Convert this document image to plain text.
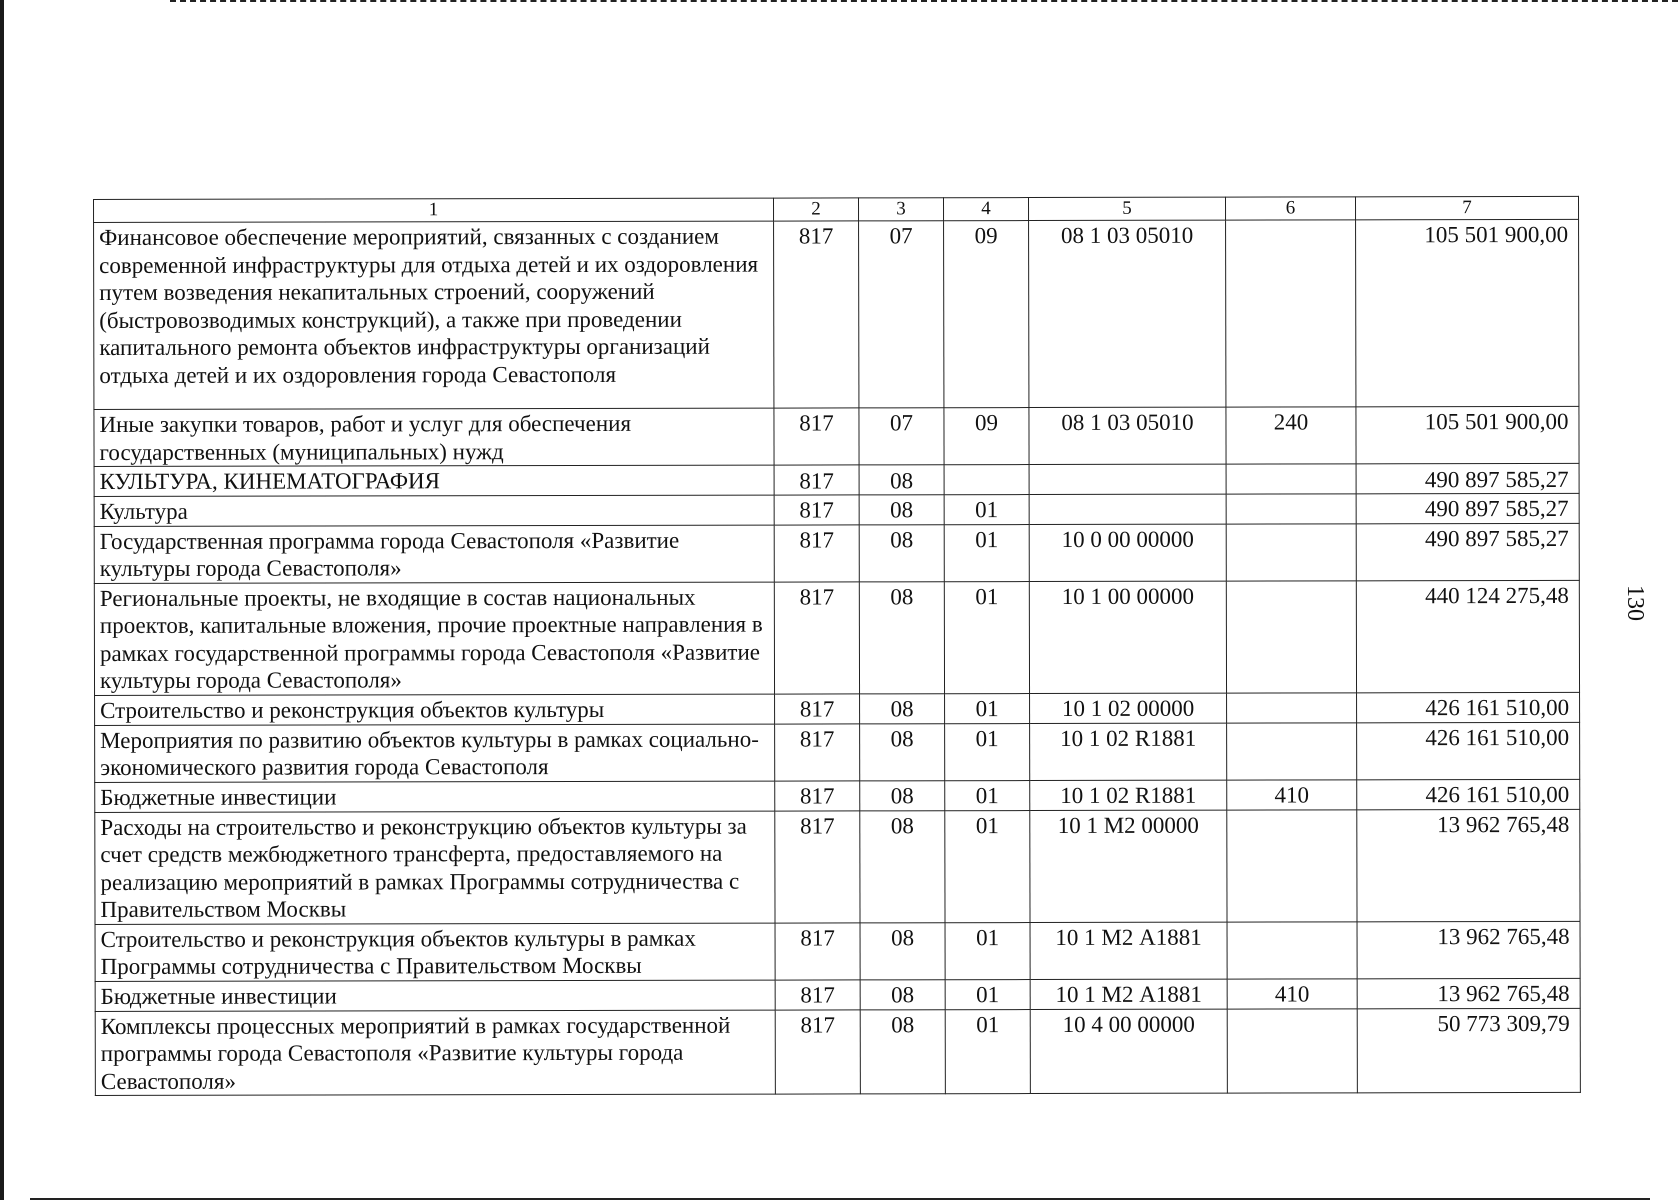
130
1	2	3	4	5	6	7
Финансовое обеспечение мероприятий, связанных с созданием современной инфраструктуры для отдыха детей и их оздоровления путем возведения некапитальных строений, сооружений (быстровозводимых конструкций), а также при проведении капитального ремонта объектов инфраструктуры организаций отдыха детей и их оздоровления города Севастополя	817	07	09	08 1 03 05010		105 501 900,00
Иные закупки товаров, работ и услуг для обеспечения государственных (муниципальных) нужд	817	07	09	08 1 03 05010	240	105 501 900,00
КУЛЬТУРА, КИНЕМАТОГРАФИЯ	817	08				490 897 585,27
Культура	817	08	01			490 897 585,27
Государственная программа города Севастополя «Развитие культуры города Севастополя»	817	08	01	10 0 00 00000		490 897 585,27
Региональные проекты, не входящие в состав национальных проектов, капитальные вложения, прочие проектные направления в рамках государственной программы города Севастополя «Развитие культуры города Севастополя»	817	08	01	10 1 00 00000		440 124 275,48
Строительство и реконструкция объектов культуры	817	08	01	10 1 02 00000		426 161 510,00
Мероприятия по развитию объектов культуры в рамках социально-экономического развития города Севастополя	817	08	01	10 1 02 R1881		426 161 510,00
Бюджетные инвестиции	817	08	01	10 1 02 R1881	410	426 161 510,00
Расходы на строительство и реконструкцию объектов культуры за счет средств межбюджетного трансферта, предоставляемого на реализацию мероприятий в рамках Программы сотрудничества с Правительством Москвы	817	08	01	10 1 М2 00000		13 962 765,48
Строительство и реконструкция объектов культуры в рамках Программы сотрудничества с Правительством Москвы	817	08	01	10 1 М2 А1881		13 962 765,48
Бюджетные инвестиции	817	08	01	10 1 М2 А1881	410	13 962 765,48
Комплексы процессных мероприятий в рамках государственной программы города Севастополя «Развитие культуры города Севастополя»	817	08	01	10 4 00 00000		50 773 309,79
